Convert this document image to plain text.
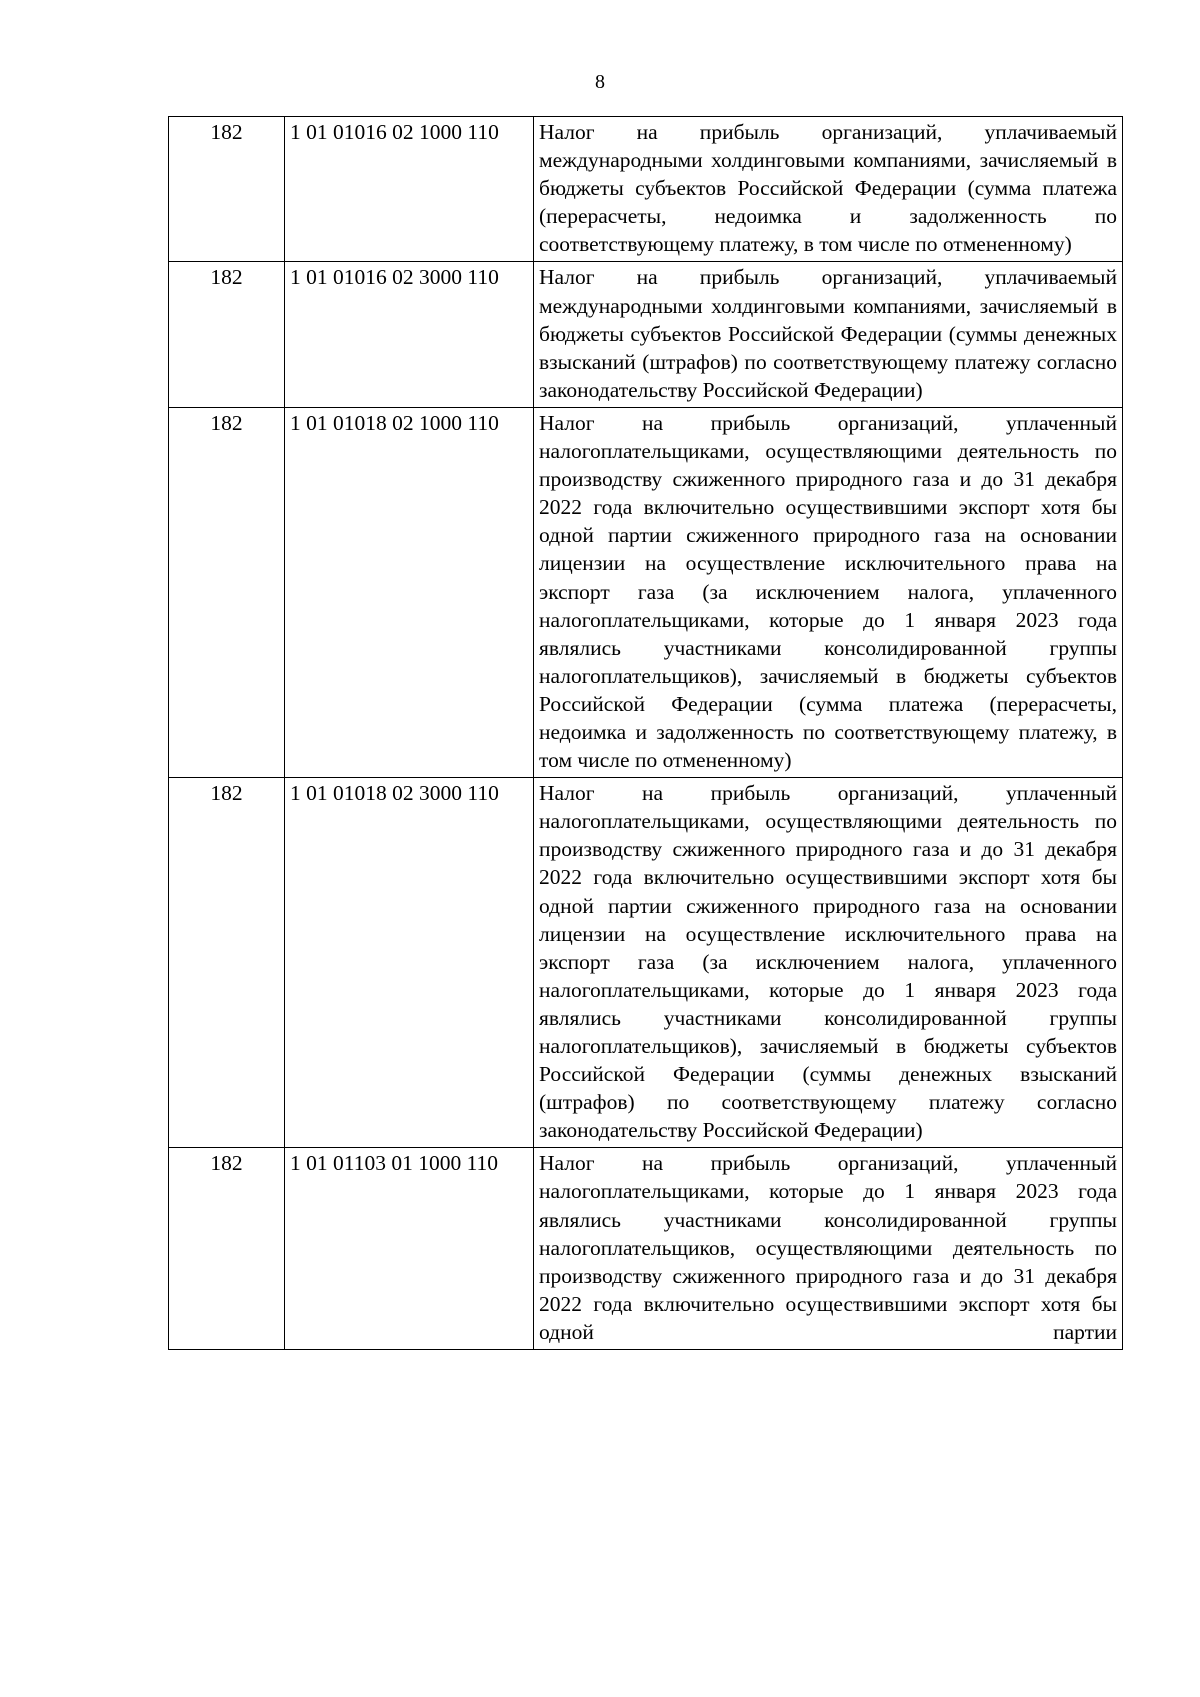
8
182	1 01 01016 02 1000 110	Налог на прибыль организаций, уплачиваемый международными холдинговыми компаниями, зачисляемый в бюджеты субъектов Российской Федерации (сумма платежа (перерасчеты, недоимка и задолженность по соответствующему платежу, в том числе по отмененному)
182	1 01 01016 02 3000 110	Налог на прибыль организаций, уплачиваемый международными холдинговыми компаниями, зачисляемый в бюджеты субъектов Российской Федерации (суммы денежных взысканий (штрафов) по соответствующему платежу согласно законодательству Российской Федерации)
182	1 01 01018 02 1000 110	Налог на прибыль организаций, уплаченный налогоплательщиками, осуществляющими деятельность по производству сжиженного природного газа и до 31 декабря 2022 года включительно осуществившими экспорт хотя бы одной партии сжиженного природного газа на основании лицензии на осуществление исключительного права на экспорт газа (за исключением налога, уплаченного налогоплательщиками, которые до 1 января 2023 года являлись участниками консолидированной группы налогоплательщиков), зачисляемый в бюджеты субъектов Российской Федерации (сумма платежа (перерасчеты, недоимка и задолженность по соответствующему платежу, в том числе по отмененному)
182	1 01 01018 02 3000 110	Налог на прибыль организаций, уплаченный налогоплательщиками, осуществляющими деятельность по производству сжиженного природного газа и до 31 декабря 2022 года включительно осуществившими экспорт хотя бы одной партии сжиженного природного газа на основании лицензии на осуществление исключительного права на экспорт газа (за исключением налога, уплаченного налогоплательщиками, которые до 1 января 2023 года являлись участниками консолидированной группы налогоплательщиков), зачисляемый в бюджеты субъектов Российской Федерации (суммы денежных взысканий (штрафов) по соответствующему платежу согласно законодательству Российской Федерации)
182	1 01 01103 01 1000 110	Налог на прибыль организаций, уплаченный налогоплательщиками, которые до 1 января 2023 года являлись участниками консолидированной группы налогоплательщиков, осуществляющими деятельность по производству сжиженного природного газа и до 31 декабря 2022 года включительно осуществившими экспорт хотя бы одной партии
